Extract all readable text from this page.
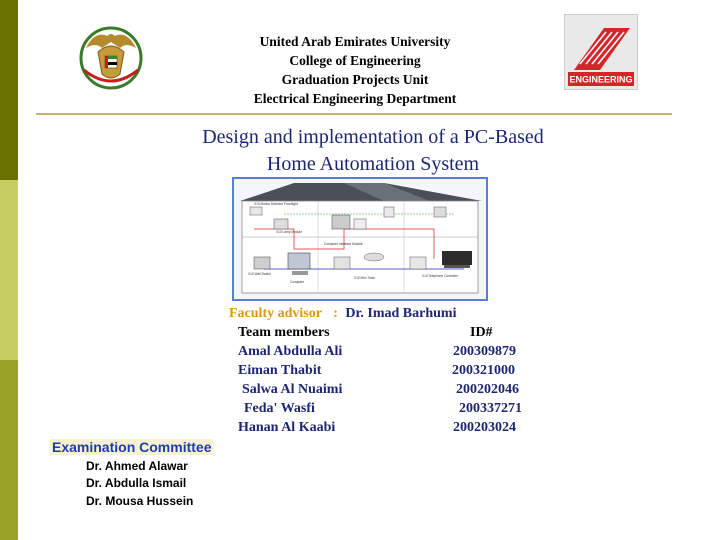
United Arab Emirates University
College of Engineering
Graduation Projects Unit
Electrical Engineering Department
ENGINEERING
Design and implementation of a PC-Based
Home Automation System
X10 Motion Detector Floodlight
X10 Lamp Module
Computer Interface Module
X10 Wall Switch
X10 Mini Timer	X10 Telephone Controller
Computer
Faculty advisor : Dr. Imad Barhumi
Team members	ID#
Amal Abdulla Ali	200309879
Eiman Thabit	200321000
Salwa Al Nuaimi	200202046
Feda' Wasfi	200337271
Hanan Al Kaabi	200203024
Examination Committee
Dr. Ahmed Alawar
Dr. Abdulla Ismail
Dr. Mousa Hussein
